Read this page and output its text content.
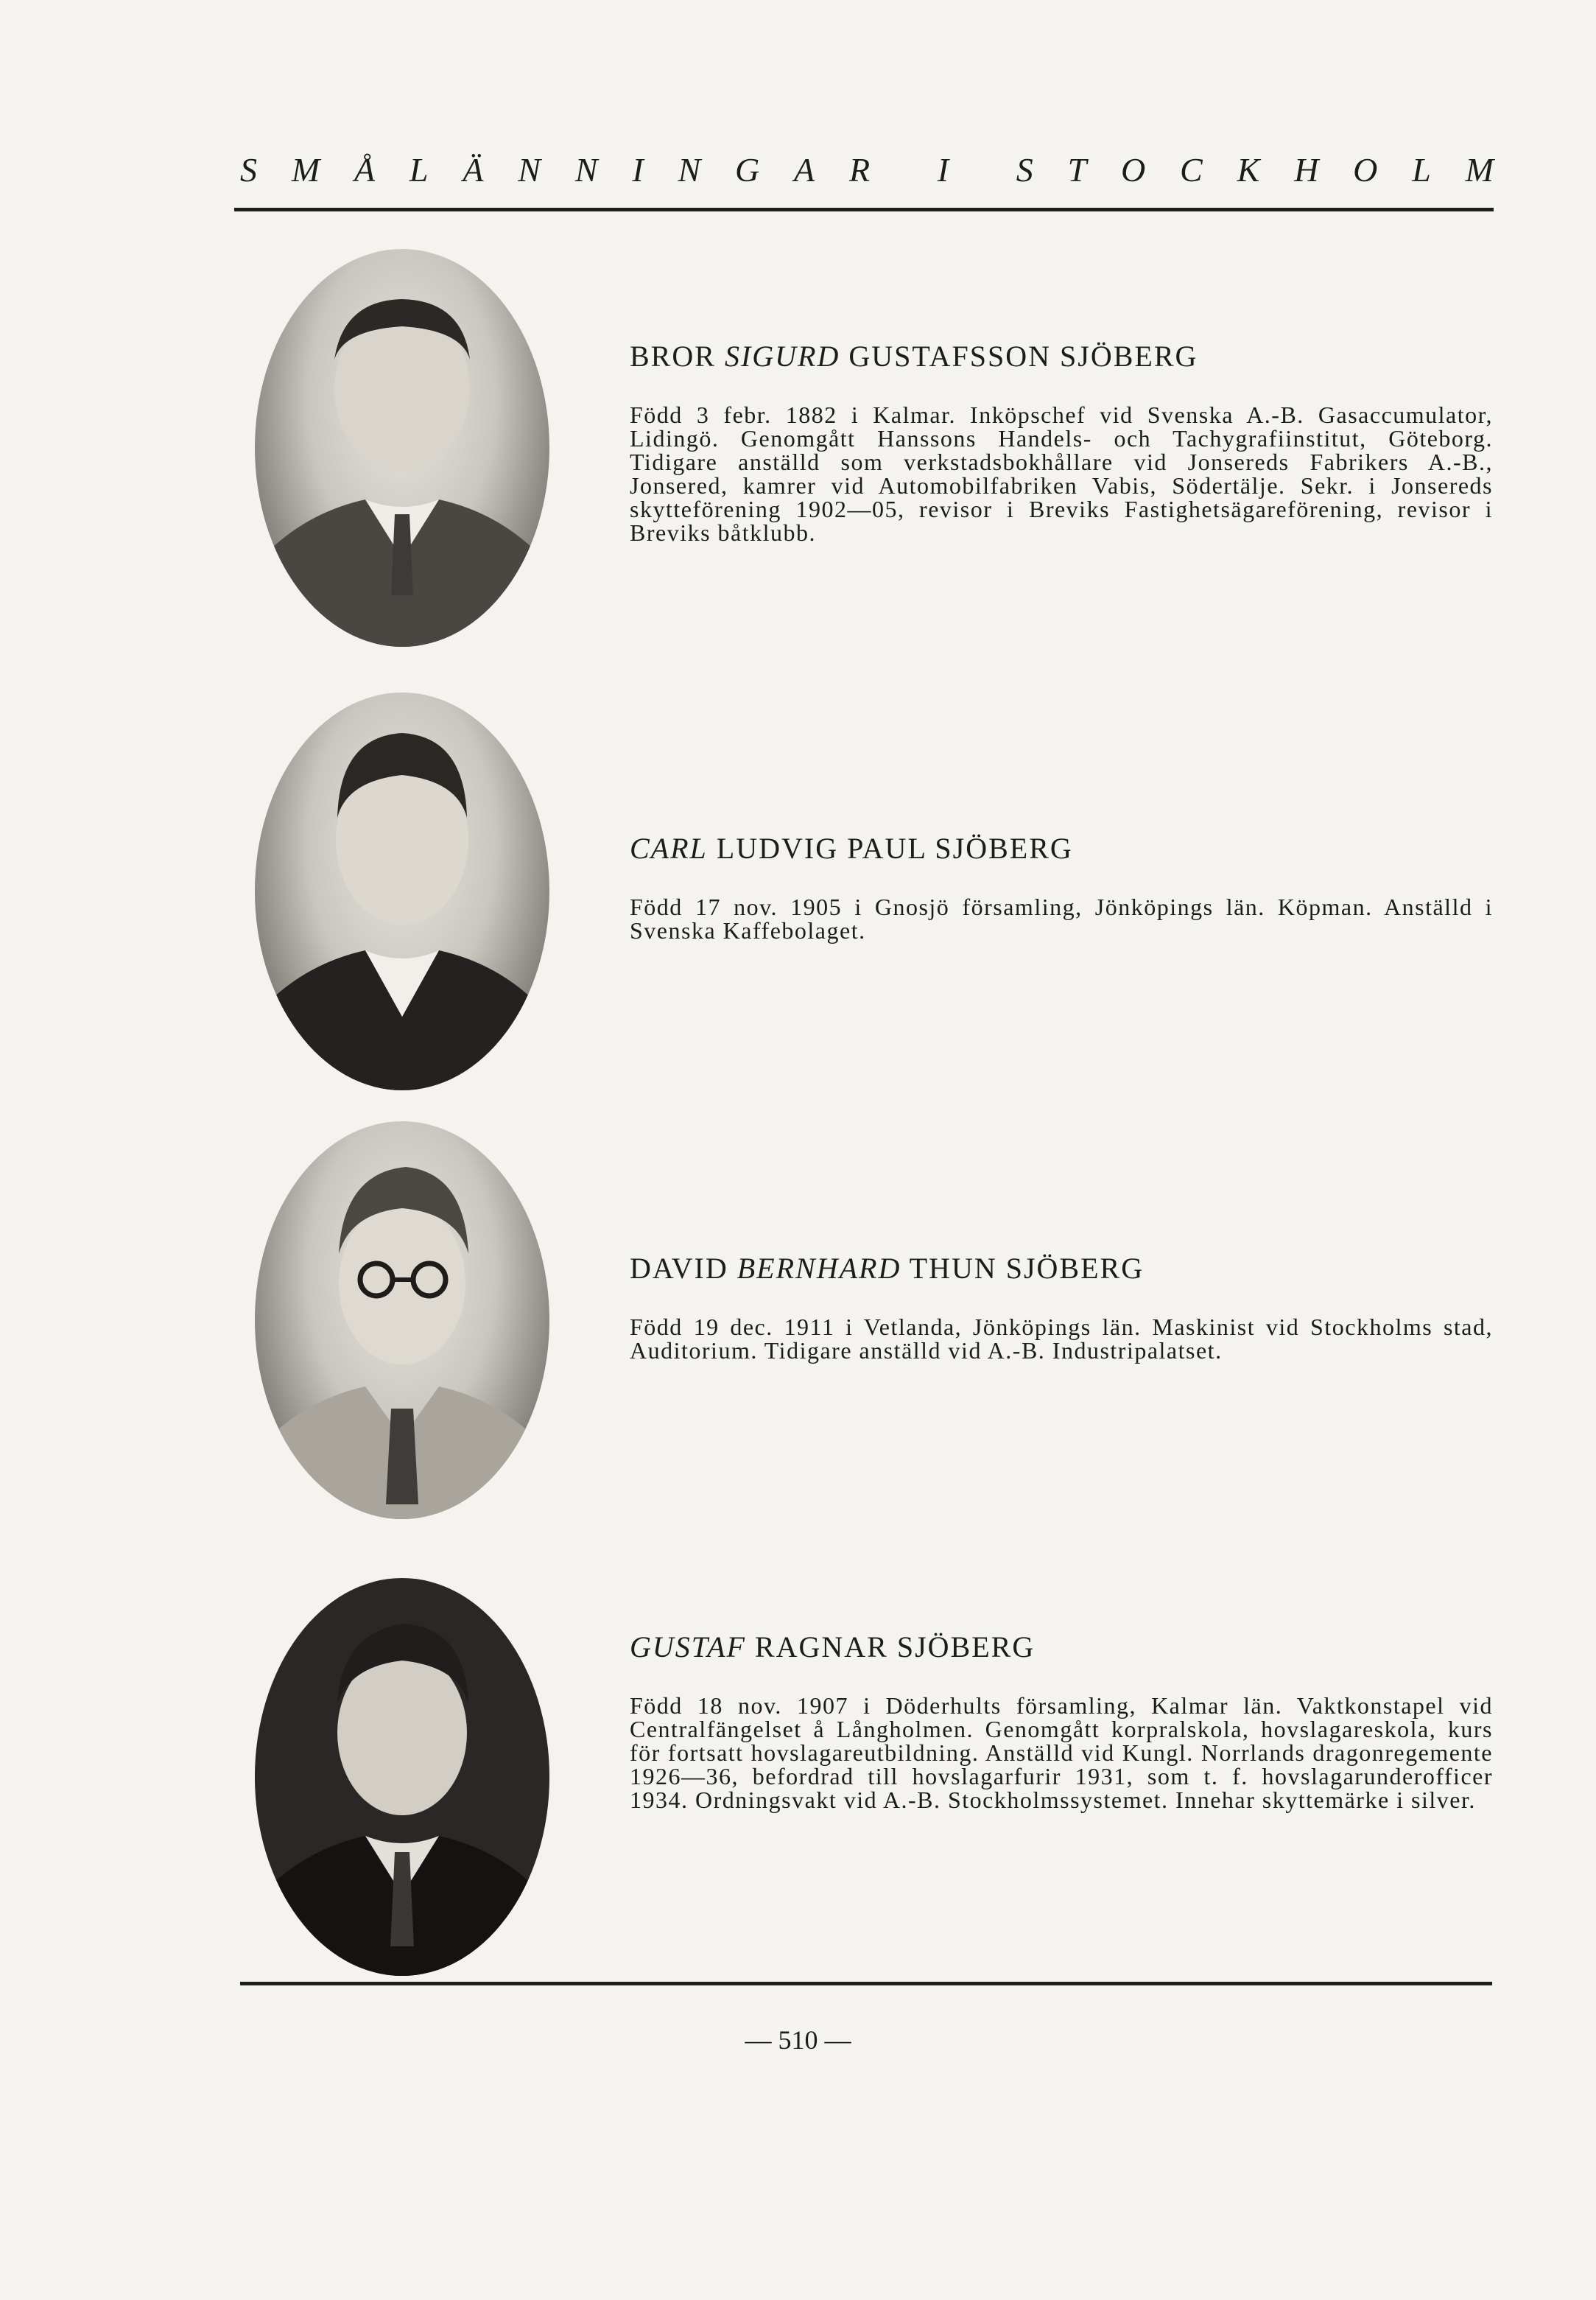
S M Å L Ä N N I N G A R I S T O C K H O L M

BROR SIGURD GUSTAFSSON SJÖBERG

Född 3 febr. 1882 i Kalmar. Inköpschef vid Svenska A.-B. Gasaccumulator, Lidingö. Genomgått Hanssons Handels- och Tachygrafiinstitut, Göteborg. Tidigare anställd som verkstadsbokhållare vid Jonsereds Fabrikers A.-B., Jonsered, kamrer vid Automobilfabriken Vabis, Södertälje. Sekr. i Jonsereds skytteförening 1902—05, revisor i Breviks Fastighetsägareförening, revisor i Breviks båtklubb.

CARL LUDVIG PAUL SJÖBERG

Född 17 nov. 1905 i Gnosjö församling, Jönköpings län. Köpman. Anställd i Svenska Kaffebolaget.

DAVID BERNHARD THUN SJÖBERG

Född 19 dec. 1911 i Vetlanda, Jönköpings län. Maskinist vid Stockholms stad, Auditorium. Tidigare anställd vid A.-B. Industripalatset.

GUSTAF RAGNAR SJÖBERG

Född 18 nov. 1907 i Döderhults församling, Kalmar län. Vaktkonstapel vid Centralfängelset å Långholmen. Genomgått korpralskola, hovslagareskola, kurs för fortsatt hovslagareutbildning. Anställd vid Kungl. Norrlands dragonregemente 1926—36, befordrad till hovslagarfurir 1931, som t. f. hovslagarunderofficer 1934. Ordningsvakt vid A.-B. Stockholmssystemet. Innehar skyttemärke i silver.

— 510 —
